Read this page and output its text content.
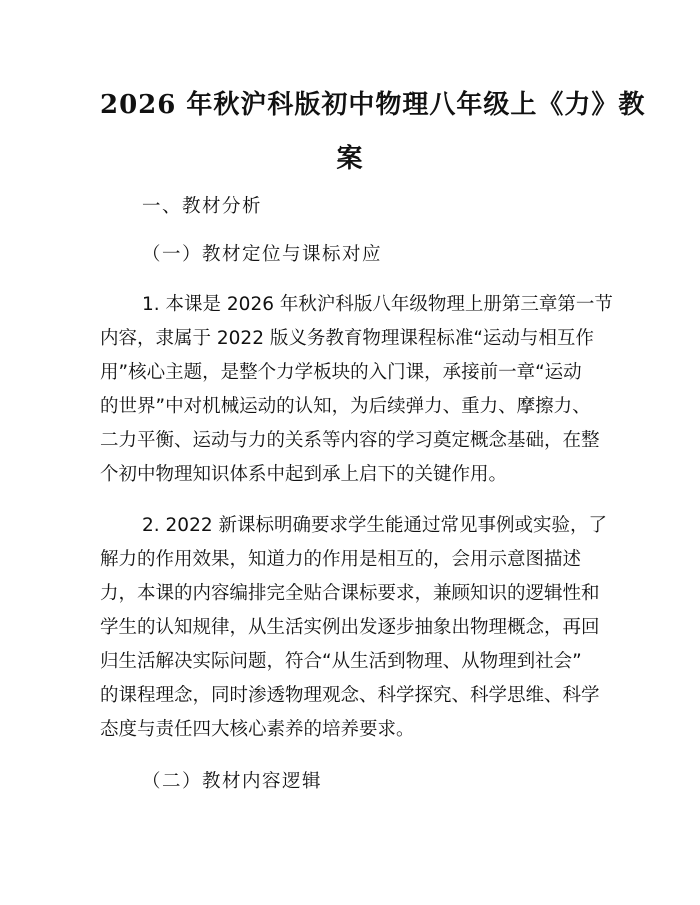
2026 年秋沪科版初中物理八年级上《力》教
案
一、教材分析
（一）教材定位与课标对应
1. 本课是 2026 年秋沪科版八年级物理上册第三章第一节
内容，隶属于 2022 版义务教育物理课程标准“运动与相互作
用”核心主题，是整个力学板块的入门课，承接前一章“运动
的世界”中对机械运动的认知，为后续弹力、重力、摩擦力、
二力平衡、运动与力的关系等内容的学习奠定概念基础，在整
个初中物理知识体系中起到承上启下的关键作用。
2. 2022 新课标明确要求学生能通过常见事例或实验，了
解力的作用效果，知道力的作用是相互的，会用示意图描述
力，本课的内容编排完全贴合课标要求，兼顾知识的逻辑性和
学生的认知规律，从生活实例出发逐步抽象出物理概念，再回
归生活解决实际问题，符合“从生活到物理、从物理到社会”
的课程理念，同时渗透物理观念、科学探究、科学思维、科学
态度与责任四大核心素养的培养要求。
（二）教材内容逻辑
